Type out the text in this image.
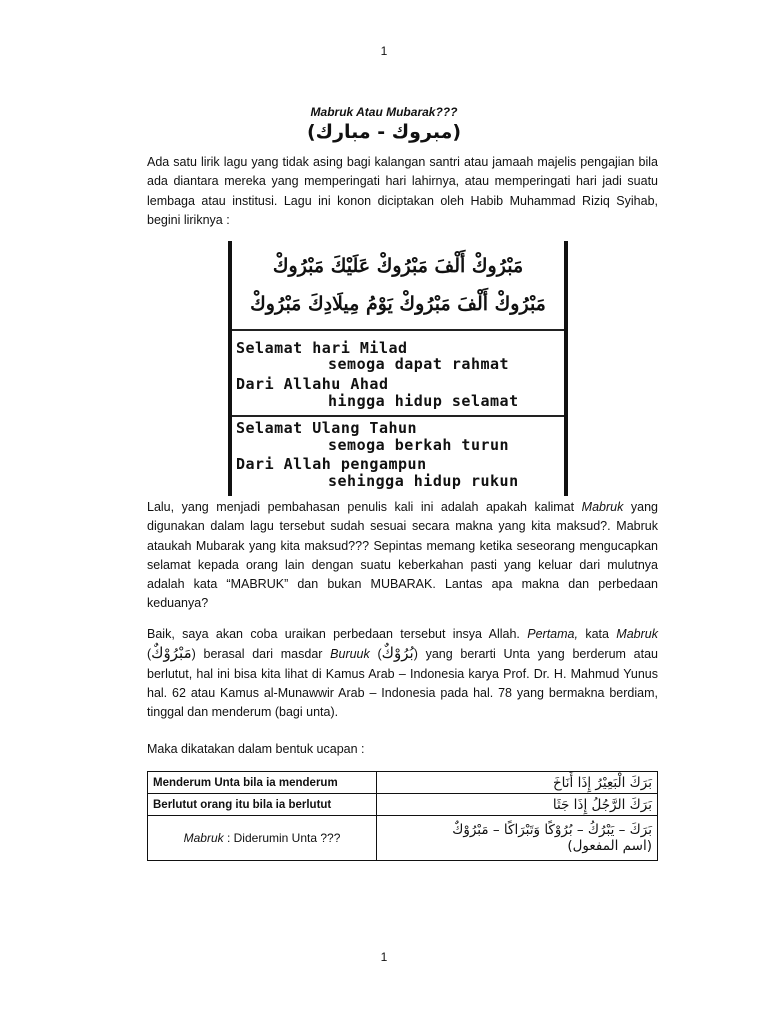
1
Mabruk Atau Mubarak???
(مبروك - مبارك)

Ada satu lirik lagu yang tidak asing bagi kalangan santri atau jamaah majelis pengajian bila ada diantara mereka yang memperingati hari lahirnya, atau memperingati hari jadi suatu lembaga atau institusi. Lagu ini konon diciptakan oleh Habib Muhammad Riziq Syihab, begini liriknya :

مَبْرُوكْ أَلْفَ مَبْرُوكْ عَلَيْكَ مَبْرُوكْ
مَبْرُوكْ أَلْفَ مَبْرُوكْ يَوْمُ مِيلَادِكَ مَبْرُوكْ
Selamat hari Milad
semoga dapat rahmat
Dari Allahu Ahad
hingga hidup selamat
Selamat Ulang Tahun
semoga berkah turun
Dari Allah pengampun
sehingga hidup rukun

Lalu, yang menjadi pembahasan penulis kali ini adalah apakah kalimat Mabruk yang digunakan dalam lagu tersebut sudah sesuai secara makna yang kita maksud?. Mabruk ataukah Mubarak yang kita maksud??? Sepintas memang ketika seseorang mengucapkan selamat kepada orang lain dengan suatu keberkahan pasti yang keluar dari mulutnya adalah kata “MABRUK” dan bukan MUBARAK. Lantas apa makna dan perbedaan keduanya?

Baik, saya akan coba uraikan perbedaan tersebut insya Allah. Pertama, kata Mabruk (مَبْرُوْكٌ) berasal dari masdar Buruuk (بُرُوْكٌ) yang berarti Unta yang berderum atau berlutut, hal ini bisa kita lihat di Kamus Arab – Indonesia karya Prof. Dr. H. Mahmud Yunus hal. 62 atau Kamus al-Munawwir Arab – Indonesia pada hal. 78 yang bermakna berdiam, tinggal dan menderum (bagi unta).

Maka dikatakan dalam bentuk ucapan :

Menderum Unta bila ia menderum	بَرَكَ الْبَعِيْرُ إِذَا أَنَاخَ
Berlutut orang itu bila ia berlutut	بَرَكَ الرَّجُلُ إِذَا جَثَا
Mabruk : Diderumin Unta ???	بَرَكَ – يَبْرُكُ – بُرُوْكًا وَتَبْرَاكًا – مَبْرُوْكٌ
(اسم المفعول)
1
